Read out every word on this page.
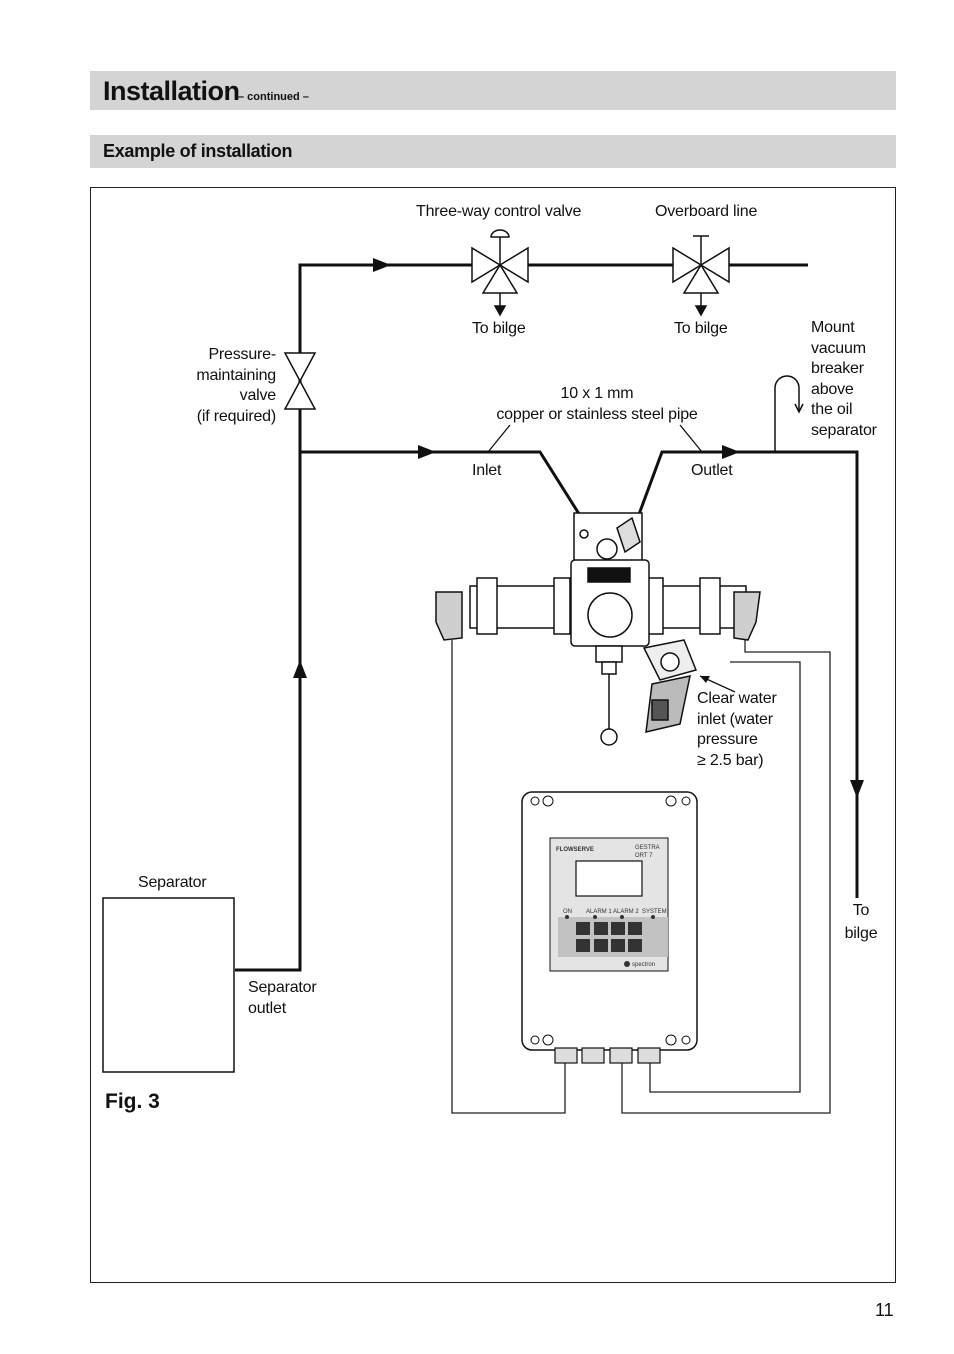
Installation
– continued –
Example of installation
FLOWSERVE	GESTRA
ORT 7
ON ALARM 1 ALARM 2 SYSTEM
spectron
Three-way control valve	Overboard line
To bilge	To bilge
Pressure-
maintaining
valve
(if required)
Mount
vacuum
breaker
above
the oil
separator
10 x 1 mm
copper or stainless steel pipe
Inlet	Outlet
Clear water
inlet (water
pressure
≥ 2.5 bar)
To
bilge
Separator
Separator
outlet
Fig. 3
11
